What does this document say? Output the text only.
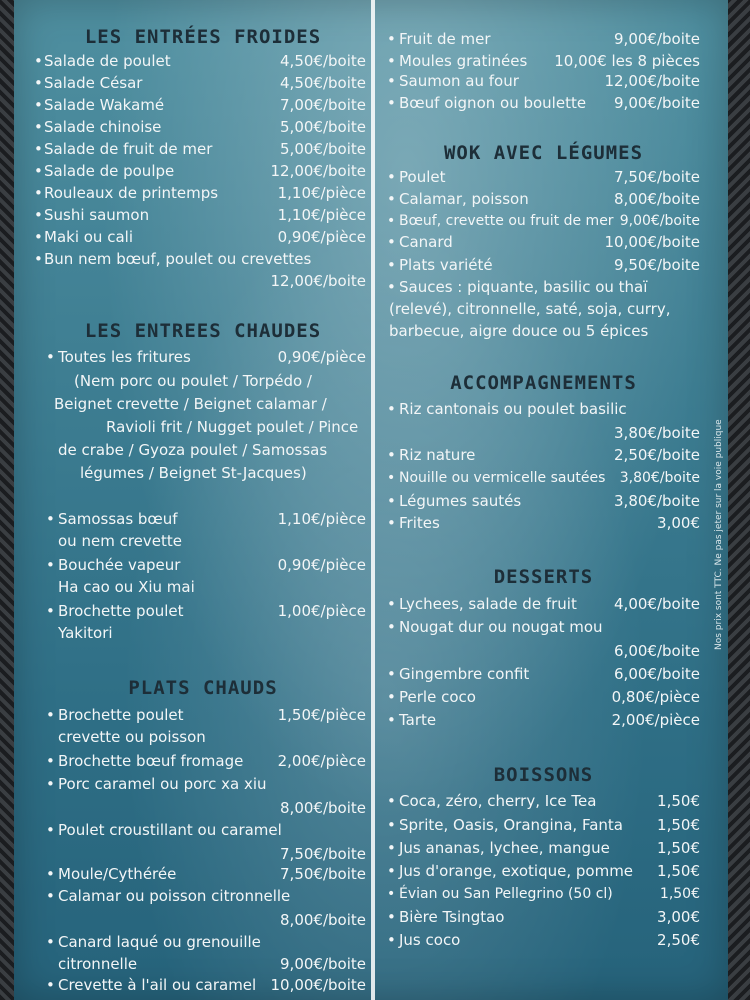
LES ENTRÉES FROIDES
• Salade de poulet	4,50€/boite
• Salade César	4,50€/boite
• Salade Wakamé	7,00€/boite
• Salade chinoise	5,00€/boite
• Salade de fruit de mer	5,00€/boite
• Salade de poulpe	12,00€/boite
• Rouleaux de printemps	1,10€/pièce
• Sushi saumon	1,10€/pièce
• Maki ou cali	0,90€/pièce
• Bun nem bœuf, poulet ou crevettes
12,00€/boite
LES ENTREES CHAUDES
• Toutes les fritures	0,90€/pièce
(Nem porc ou poulet / Torpédo /
Beignet crevette / Beignet calamar /
Ravioli frit / Nugget poulet / Pince
de crabe / Gyoza poulet / Samossas
légumes / Beignet St-Jacques)
• Samossas bœuf	1,10€/pièce
ou nem crevette
• Bouchée vapeur	0,90€/pièce
Ha cao ou Xiu mai
• Brochette poulet	1,00€/pièce
Yakitori
PLATS CHAUDS
• Brochette poulet	1,50€/pièce
crevette ou poisson
• Brochette bœuf fromage 2,00€/pièce
• Porc caramel ou porc xa xiu
8,00€/boite
• Poulet croustillant ou caramel
7,50€/boite
• Moule/Cythérée	7,50€/boite
• Calamar ou poisson citronnelle
8,00€/boite
• Canard laqué ou grenouille
citronnelle	9,00€/boite
• Crevette à l'ail ou caramel 10,00€/boite
• Fruit de mer	9,00€/boite
• Moules gratinées 10,00€ les 8 pièces
• Saumon au four	12,00€/boite
• Bœuf oignon ou boulette 9,00€/boite
WOK AVEC LÉGUMES
• Poulet	7,50€/boite
• Calamar, poisson	8,00€/boite
• Bœuf, crevette ou fruit de mer 9,00€/boite
• Canard	10,00€/boite
• Plats variété	9,50€/boite
• Sauces : piquante, basilic ou thaï
(relevé), citronnelle, saté, soja, curry,
barbecue, aigre douce ou 5 épices
ACCOMPAGNEMENTS
• Riz cantonais ou poulet basilic
3,80€/boite
• Riz nature	2,50€/boite
• Nouille ou vermicelle sautées 3,80€/boite
• Légumes sautés	3,80€/boite
• Frites	3,00€
DESSERTS
• Lychees, salade de fruit 4,00€/boite
• Nougat dur ou nougat mou
6,00€/boite
• Gingembre confit	6,00€/boite
• Perle coco	0,80€/pièce
• Tarte	2,00€/pièce
BOISSONS
• Coca, zéro, cherry, Ice Tea	1,50€
• Sprite, Oasis, Orangina, Fanta 1,50€
• Jus ananas, lychee, mangue	1,50€
• Jus d'orange, exotique, pomme 1,50€
• Évian ou San Pellegrino (50 cl)	1,50€
• Bière Tsingtao	3,00€
• Jus coco	2,50€
Nos prix sont TTC. Ne pas jeter sur la voie publique
